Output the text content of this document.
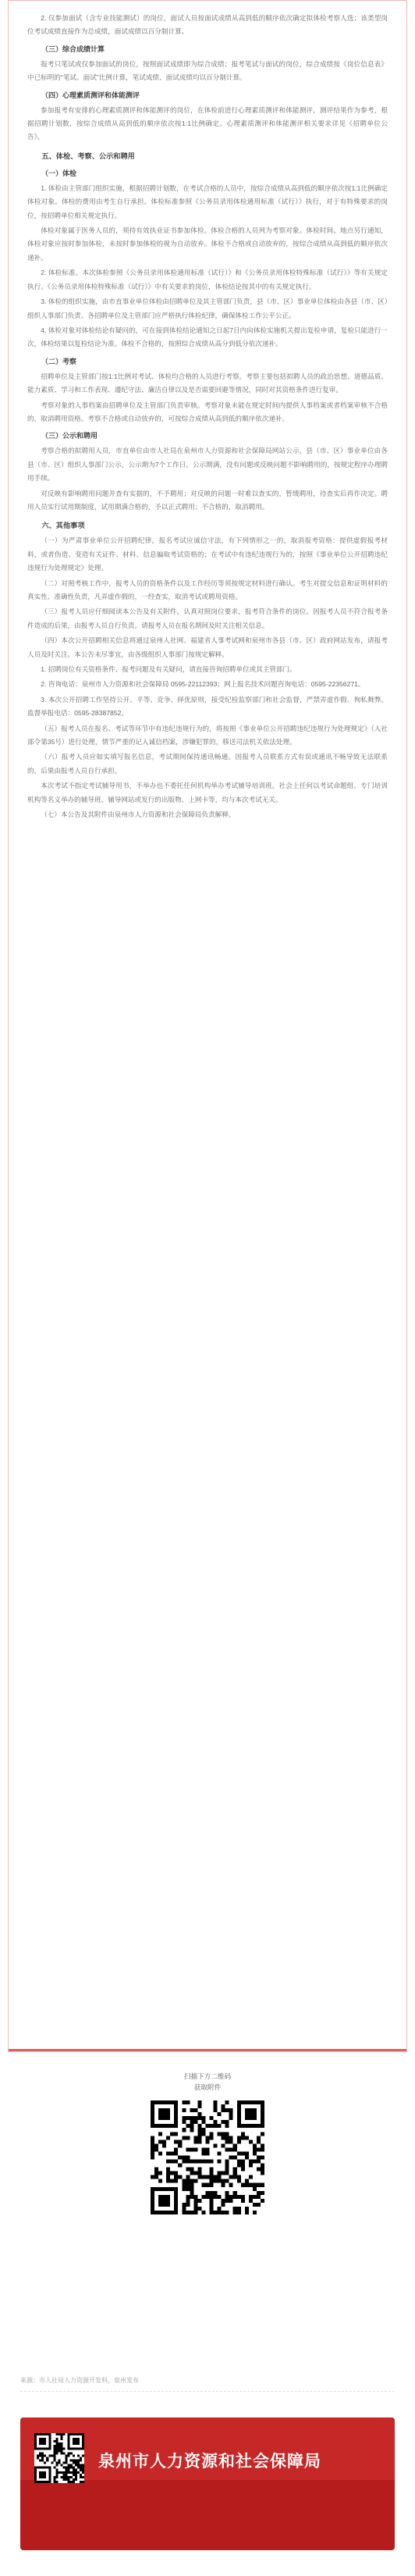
2. 仅参加面试（含专业技能测试）的岗位，面试人员按面试成绩从高到低的顺序依次确定拟体检考察人选；该类型岗位考试成绩直接作为总成绩，面试成绩以百分制计算。

（三）综合成绩计算

报考只笔试或仅参加面试的岗位，按照面试成绩即为综合成绩；报考笔试与面试的岗位，综合成绩按《岗位信息表》中已标明的“笔试、面试”比例计算，笔试成绩、面试成绩均以百分制计算。

（四）心理素质测评和体能测评

参加报考有安排的心理素质测评和体能测评的岗位，在体检前进行心理素质测评和体能测评，测评结果作为参考，根据招聘计划数，按综合成绩从高到低的顺序依次按1:1比例确定。心理素质测评和体能测评相关要求详见《招聘单位公告》。

五、体检、考察、公示和聘用

（一）体检

1. 体检由主管部门组织实施，根据招聘计划数，在考试合格的人员中，按综合成绩从高到低的顺序依次按1:1比例确定体检对象。体检的费用由考生自行承担。体检标准参照《公务员录用体检通用标准（试行）》执行，对于有特殊要求的岗位，按招聘单位相关规定执行。

体检对象属于医务人员的，须持有效执业证书参加体检。体检合格的人员列为考察对象。体检时间、地点另行通知，体检对象应按时参加体检，未按时参加体检的视为自动放弃。体检不合格或自动放弃的，按综合成绩从高到低的顺序依次递补。

2. 体检标准。本次体检参照《公务员录用体检通用标准（试行）》和《公务员录用体检特殊标准（试行）》等有关规定执行。《公务员录用体检特殊标准（试行）》中有关要求的岗位，体检结论按其中的有关规定执行。

3. 体检的组织实施，由市直事业单位体检由招聘单位及其主管部门负责，县（市、区）事业单位体检由各县（市、区）组织人事部门负责。各招聘单位及主管部门应严格执行体检纪律，确保体检工作公平公正。

4. 体检对象对体检结论有疑问的，可在接到体检结论通知之日起7日内向体检实施机关提出复检申请，复检只能进行一次，体检结果以复检结论为准。体检不合格的，按照综合成绩从高分到低分依次递补。

（二）考察

招聘单位及主管部门按1:1比例对考试、体检均合格的人员进行考察。考察主要包括拟聘人员的政治思想、道德品质、能力素质、学习和工作表现、遵纪守法、廉洁自律以及是否需要回避等情况，同时对其资格条件进行复审。

考察对象的人事档案由招聘单位及主管部门负责审核。考察对象未能在规定时间内提供人事档案或者档案审核不合格的，取消聘用资格。考察不合格或自动放弃的，可按综合成绩从高到低的顺序依次递补。

（三）公示和聘用

考察合格的拟聘用人员，市直单位由市人社局在泉州市人力资源和社会保障局网站公示，县（市、区）事业单位由各县（市、区）组织人事部门公示，公示期为7个工作日。公示期满，没有问题或反映问题不影响聘用的，按规定程序办理聘用手续。

对反映有影响聘用问题并查有实据的，不予聘用；对反映的问题一时难以查实的，暂缓聘用，待查实后再作决定。聘用人员实行试用期制度，试用期满合格的，予以正式聘用；不合格的，取消聘用。

六、其他事项

（一）为严肃事业单位公开招聘纪律，报名考试应诚信守法，有下列情形之一的，取消报考资格：提供虚假报考材料，或者伪造、变造有关证件、材料、信息骗取考试资格的；在考试中有违纪违规行为的，按照《事业单位公开招聘违纪违规行为处理规定》处理。

（二）对照考核工作中，报考人员的资格条件以及工作经历等须按规定材料进行确认。考生对提交信息和证明材料的真实性、准确性负责，凡弄虚作假的，一经查实，取消考试或聘用资格。

（三）报考人员应仔细阅读本公告及有关附件，认真对照岗位要求，报考符合条件的岗位。因报考人员不符合报考条件造成的后果，由报考人员自行负责。请报考人员在报名期间及时关注相关信息。

（四）本次公开招聘相关信息将通过泉州人社网、福建省人事考试网和泉州市各县（市、区）政府网站发布，请报考人员及时关注。本公告未尽事宜，由各级组织人事部门按规定解释。

1. 招聘岗位有关资格条件、报考问题及有关疑问，请直接咨询招聘单位或其主管部门。

2. 咨询电话：泉州市人力资源和社会保障局 0595-22112393；网上报名技术问题咨询电话：0595-22356271。

3. 本次公开招聘工作坚持公开、平等、竞争、择优原则，接受纪检监察部门和社会监督，严禁弄虚作假、徇私舞弊。监督举报电话：0595-28387852。

（五）报考人员在报名、考试等环节中有违纪违规行为的，将按照《事业单位公开招聘违纪违规行为处理规定》（人社部令第35号）进行处理，情节严重的记入诚信档案，涉嫌犯罪的，移送司法机关依法处理。

（六）报考人员应如实填写报名信息，考试期间保持通讯畅通。因报考人员联系方式有误或通讯不畅导致无法联系的，后果由报考人员自行承担。

本次考试不指定考试辅导用书，不举办也不委托任何机构举办考试辅导培训班。社会上任何以考试命题组、专门培训机构等名义举办的辅导班、辅导网站或发行的出版物、上网卡等，均与本次考试无关。

（七）本公告及其附件由泉州市人力资源和社会保障局负责解释。

扫描下方二维码

获取附件

来源：市人社局人力资源开发科，泉州发布
泉州市人力资源和社会保障局
